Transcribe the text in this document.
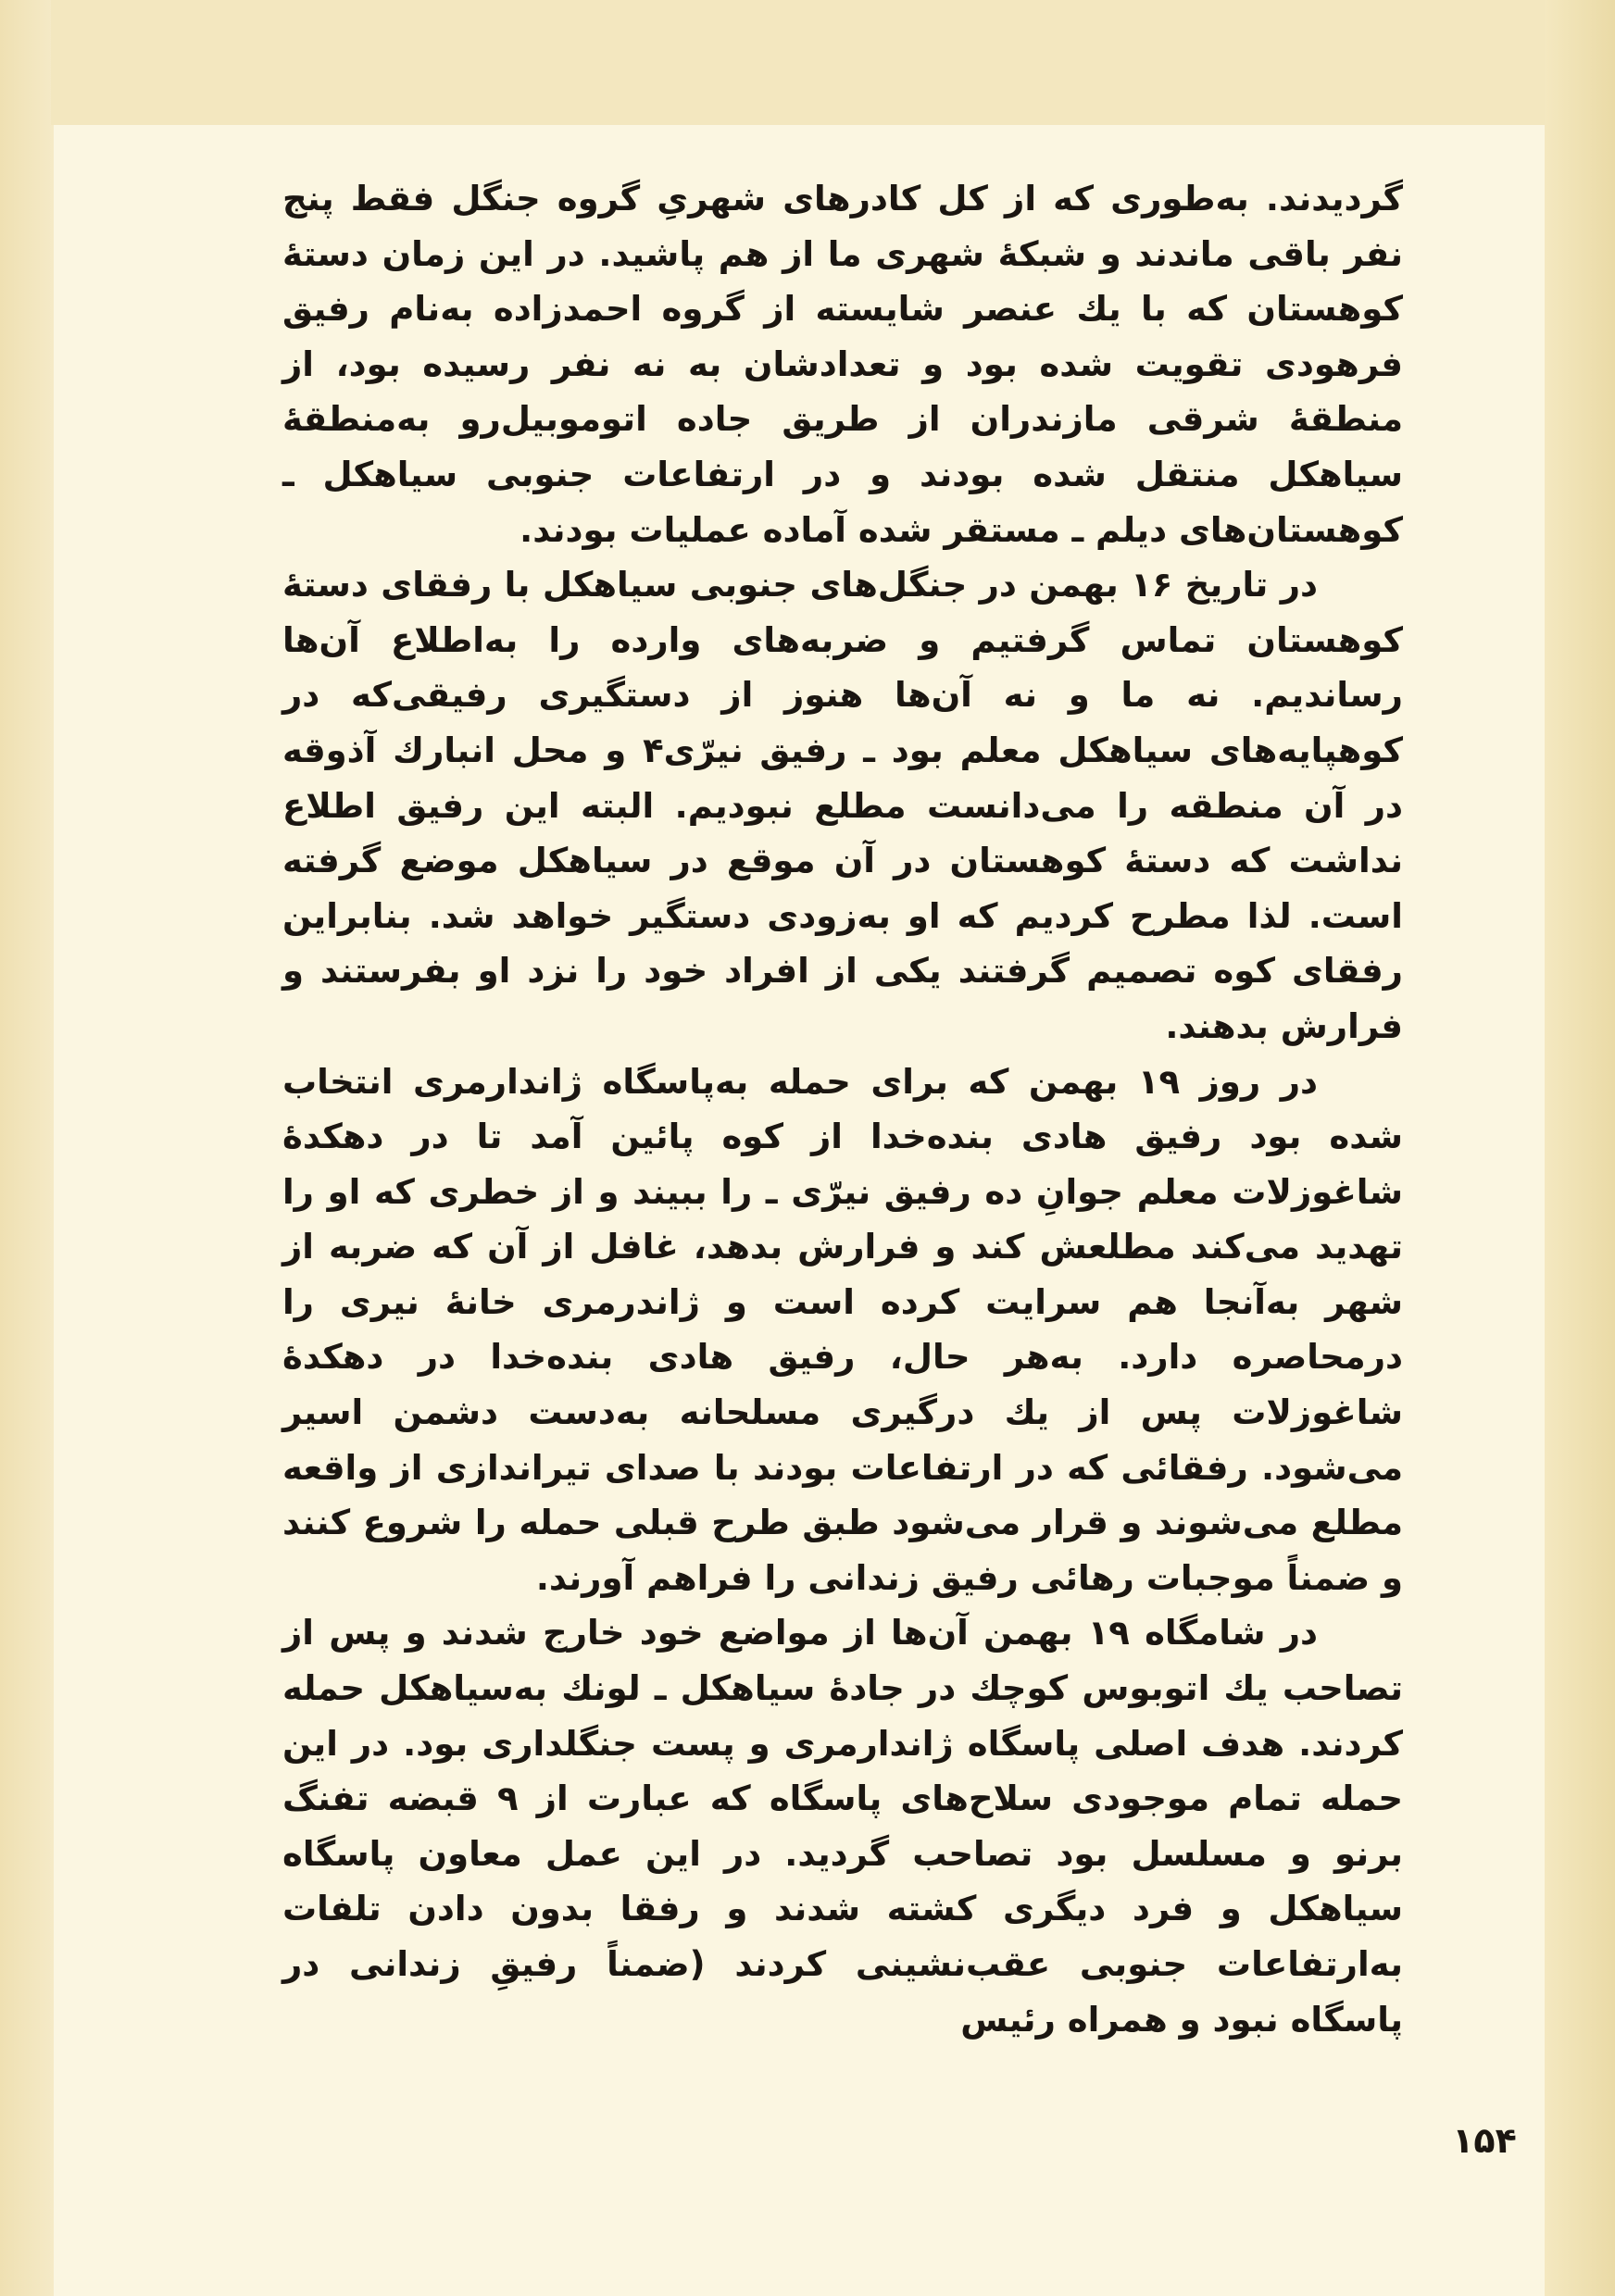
گردیدند. به‌طوری که از کل کادرهای شهریِ گروه جنگل فقط پنج نفر باقی ماندند و شبکهٔ شهری ما از هم پاشید. در این زمان دستهٔ کوهستان که با یك عنصر شایسته از گروه احمدزاده به‌نام رفیق فرهودی تقویت شده بود و تعدادشان به نه نفر رسیده بود، از منطقهٔ شرقی مازندران از طریق جاده اتوموبیل‌رو به‌منطقهٔ سیاهکل منتقل شده بودند و در ارتفاعات جنوبی سیاهکل ـ کوهستان‌های دیلم ـ مستقر شده آماده عملیات بودند.

در تاریخ ۱۶ بهمن در جنگل‌های جنوبی سیاهکل با رفقای دستهٔ کوهستان تماس گرفتیم و ضربه‌های وارده را به‌اطلاع آن‌ها رساندیم. نه ما و نه آن‌ها هنوز از دستگیری رفیقی‌که در کوهپایه‌های سیاهکل معلم بود ـ رفیق نیرّی۴ و محل انبارك آذوقه در آن منطقه را می‌دانست مطلع نبودیم. البته این رفیق اطلاع نداشت که دستهٔ کوهستان در آن موقع در سیاهکل موضع گرفته است. لذا مطرح کردیم که او به‌زودی دستگیر خواهد شد. بنابراین رفقای کوه تصمیم گرفتند یکی از افراد خود را نزد او بفرستند و فرارش بدهند.

در روز ۱۹ بهمن که برای حمله به‌پاسگاه ژاندارمری انتخاب شده بود رفیق هادی بنده‌خدا از کوه پائین آمد تا در دهکدهٔ شاغوزلات معلم جوانِ ده رفیق نیرّی ـ را ببیند و از خطری که او را تهدید می‌کند مطلعش کند و فرارش بدهد، غافل از آن که ضربه از شهر به‌آنجا هم سرایت کرده است و ژاندرمری خانهٔ نیری را درمحاصره دارد. به‌هر حال، رفیق هادی بنده‌خدا در دهکدهٔ شاغوزلات پس از یك درگیری مسلحانه به‌دست دشمن اسیر می‌شود. رفقائی که در ارتفاعات بودند با صدای تیراندازی از واقعه مطلع می‌شوند و قرار می‌شود طبق طرح قبلی حمله را شروع کنند و ضمناً موجبات رهائی رفیق زندانی را فراهم آورند.

در شامگاه ۱۹ بهمن آن‌ها از مواضع خود خارج شدند و پس از تصاحب یك اتوبوس کوچك در جادهٔ سیاهکل ـ لونك به‌سیاهکل حمله کردند. هدف اصلی پاسگاه ژاندارمری و پست جنگلداری بود. در این حمله تمام موجودی سلاح‌های پاسگاه که عبارت از ۹ قبضه تفنگ برنو و مسلسل بود تصاحب گردید. در این عمل معاون پاسگاه سیاهکل و فرد دیگری کشته شدند و رفقا بدون دادن تلفات به‌ارتفاعات جنوبی عقب‌نشینی کردند (ضمناً رفیقِ زندانی در پاسگاه نبود و همراه رئیس

۱۵۴
